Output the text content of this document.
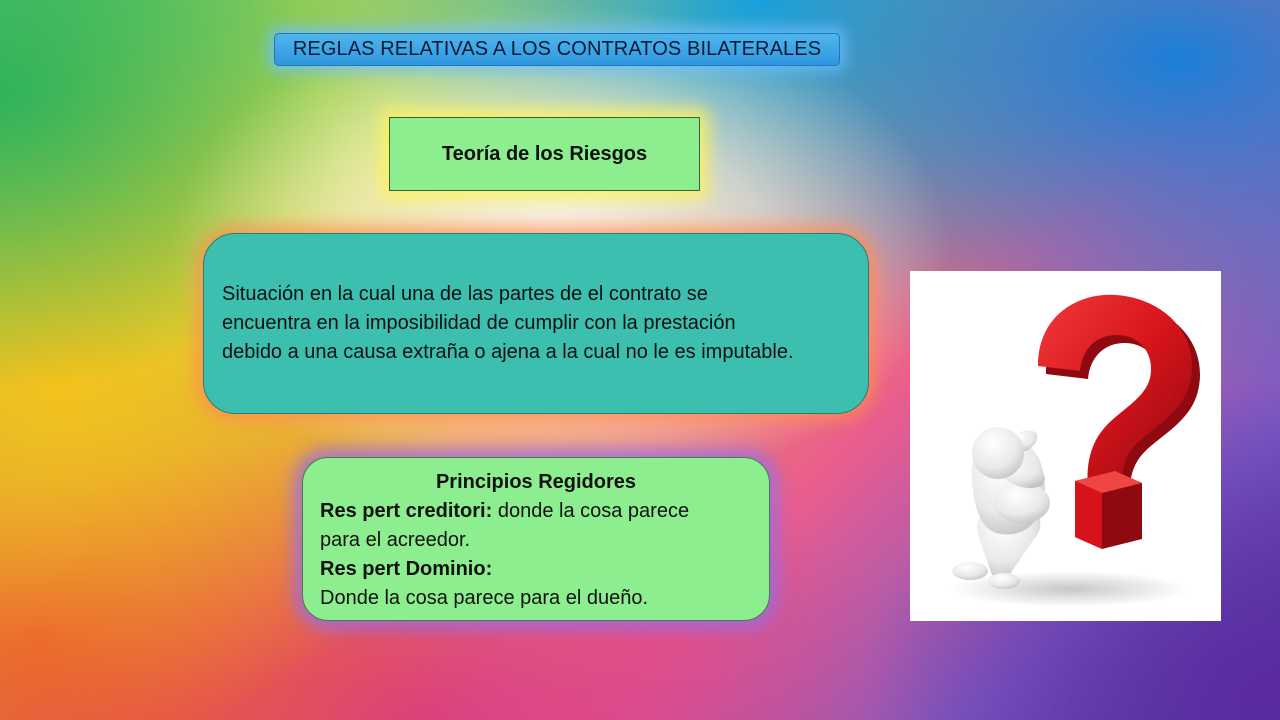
REGLAS RELATIVAS A LOS CONTRATOS BILATERALES
Teoría de los Riesgos

Situación en la cual una de las partes de el contrato se
encuentra en la imposibilidad de cumplir con la prestación
debido a una causa extraña o ajena a la cual no le es imputable.

Principios Regidores

Res pert creditori: donde la cosa parece

para el acreedor.

Res pert Dominio:

Donde la cosa parece para el dueño.
